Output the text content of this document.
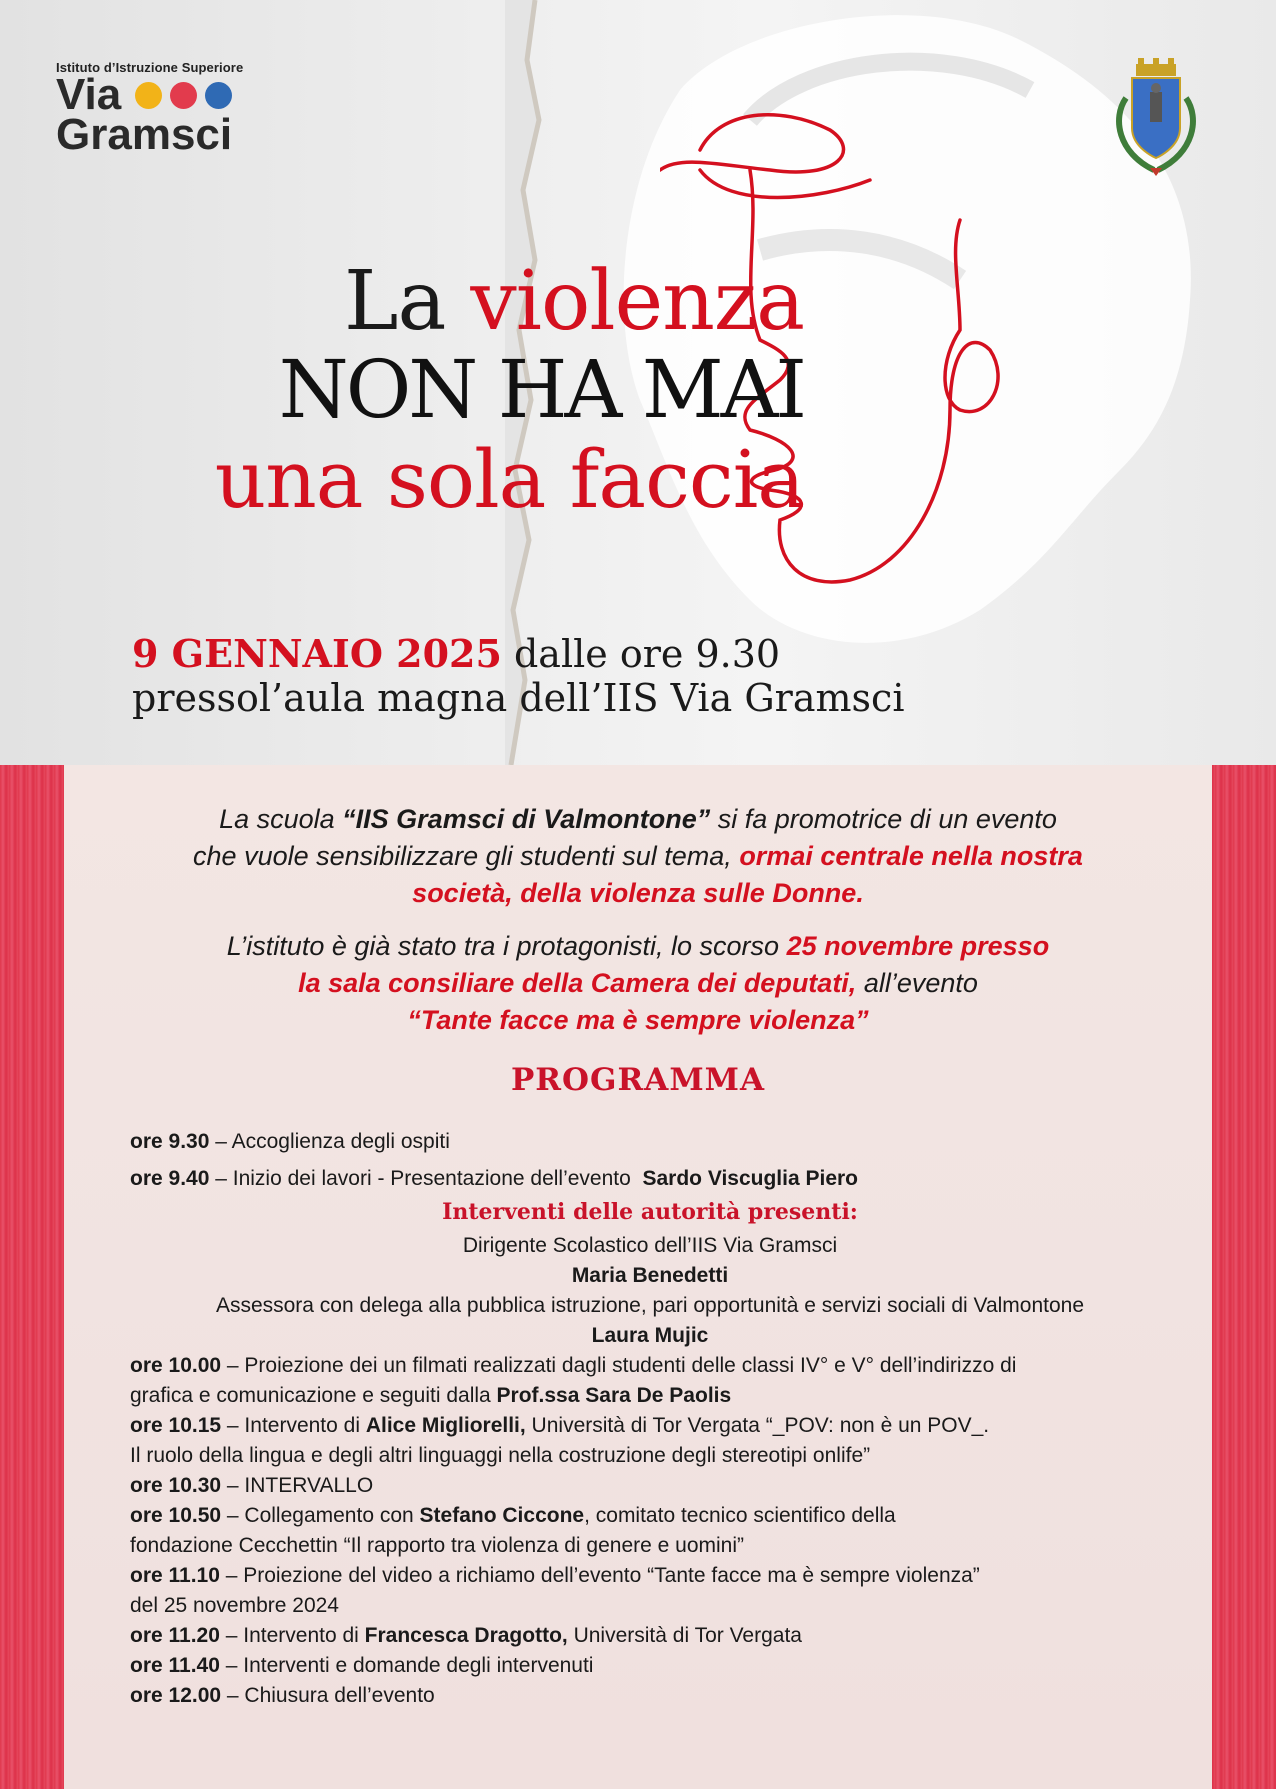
Istituto d’Istruzione Superiore
Via
Gramsci
La violenza
NON HA MAI
una sola faccia
9 GENNAIO 2025 dalle ore 9.30
pressol’aula magna dell’IIS Via Gramsci

La scuola “IIS Gramsci di Valmontone” si fa promotrice di un evento
che vuole sensibilizzare gli studenti sul tema, ormai centrale nella nostra
società, della violenza sulle Donne.

L’istituto è già stato tra i protagonisti, lo scorso 25 novembre presso
la sala consiliare della Camera dei deputati, all’evento
“Tante facce ma è sempre violenza”

PROGRAMMA

ore 9.30 – Accoglienza degli ospiti

ore 9.40 – Inizio dei lavori - Presentazione dell’evento  Sardo Viscuglia Piero

Interventi delle autorità presenti:

Dirigente Scolastico dell’IIS Via Gramsci

Maria Benedetti

Assessora con delega alla pubblica istruzione, pari opportunità e servizi sociali di Valmontone

Laura Mujic

ore 10.00 – Proiezione dei un filmati realizzati dagli studenti delle classi IV° e V° dell’indirizzo di
grafica e comunicazione e seguiti dalla Prof.ssa Sara De Paolis

ore 10.15 – Intervento di Alice Migliorelli, Università di Tor Vergata “_POV: non è un POV_.
Il ruolo della lingua e degli altri linguaggi nella costruzione degli stereotipi onlife”

ore 10.30 – INTERVALLO

ore 10.50 – Collegamento con Stefano Ciccone, comitato tecnico scientifico della
fondazione Cecchettin “Il rapporto tra violenza di genere e uomini”

ore 11.10 – Proiezione del video a richiamo dell’evento “Tante facce ma è sempre violenza”
del 25 novembre 2024

ore 11.20 – Intervento di Francesca Dragotto, Università di Tor Vergata

ore 11.40 – Interventi e domande degli intervenuti

ore 12.00 – Chiusura dell’evento
